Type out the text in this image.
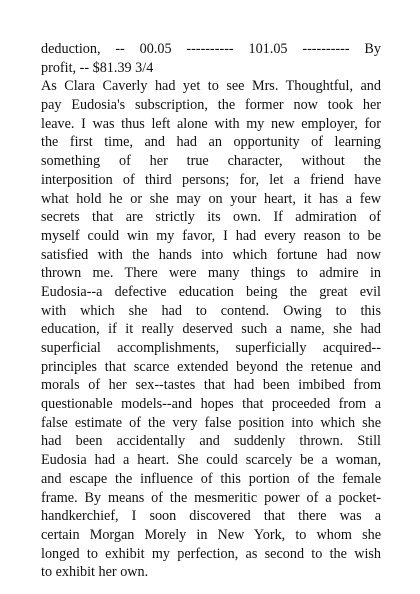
deduction, -- 00.05 ---------- 101.05 ---------- By
profit, -- $81.39 3/4
As Clara Caverly had yet to see Mrs. Thoughtful, and
pay Eudosia's subscription, the former now took her
leave. I was thus left alone with my new employer, for
the first time, and had an opportunity of learning
something of her true character, without the
interposition of third persons; for, let a friend have
what hold he or she may on your heart, it has a few
secrets that are strictly its own. If admiration of
myself could win my favor, I had every reason to be
satisfied with the hands into which fortune had now
thrown me. There were many things to admire in
Eudosia--a defective education being the great evil
with which she had to contend. Owing to this
education, if it really deserved such a name, she had
superficial accomplishments, superficially acquired--
principles that scarce extended beyond the retenue and
morals of her sex--tastes that had been imbibed from
questionable models--and hopes that proceeded from a
false estimate of the very false position into which she
had been accidentally and suddenly thrown. Still
Eudosia had a heart. She could scarcely be a woman,
and escape the influence of this portion of the female
frame. By means of the mesmeritic power of a pocket-
handkerchief, I soon discovered that there was a
certain Morgan Morely in New York, to whom she
longed to exhibit my perfection, as second to the wish
to exhibit her own.
